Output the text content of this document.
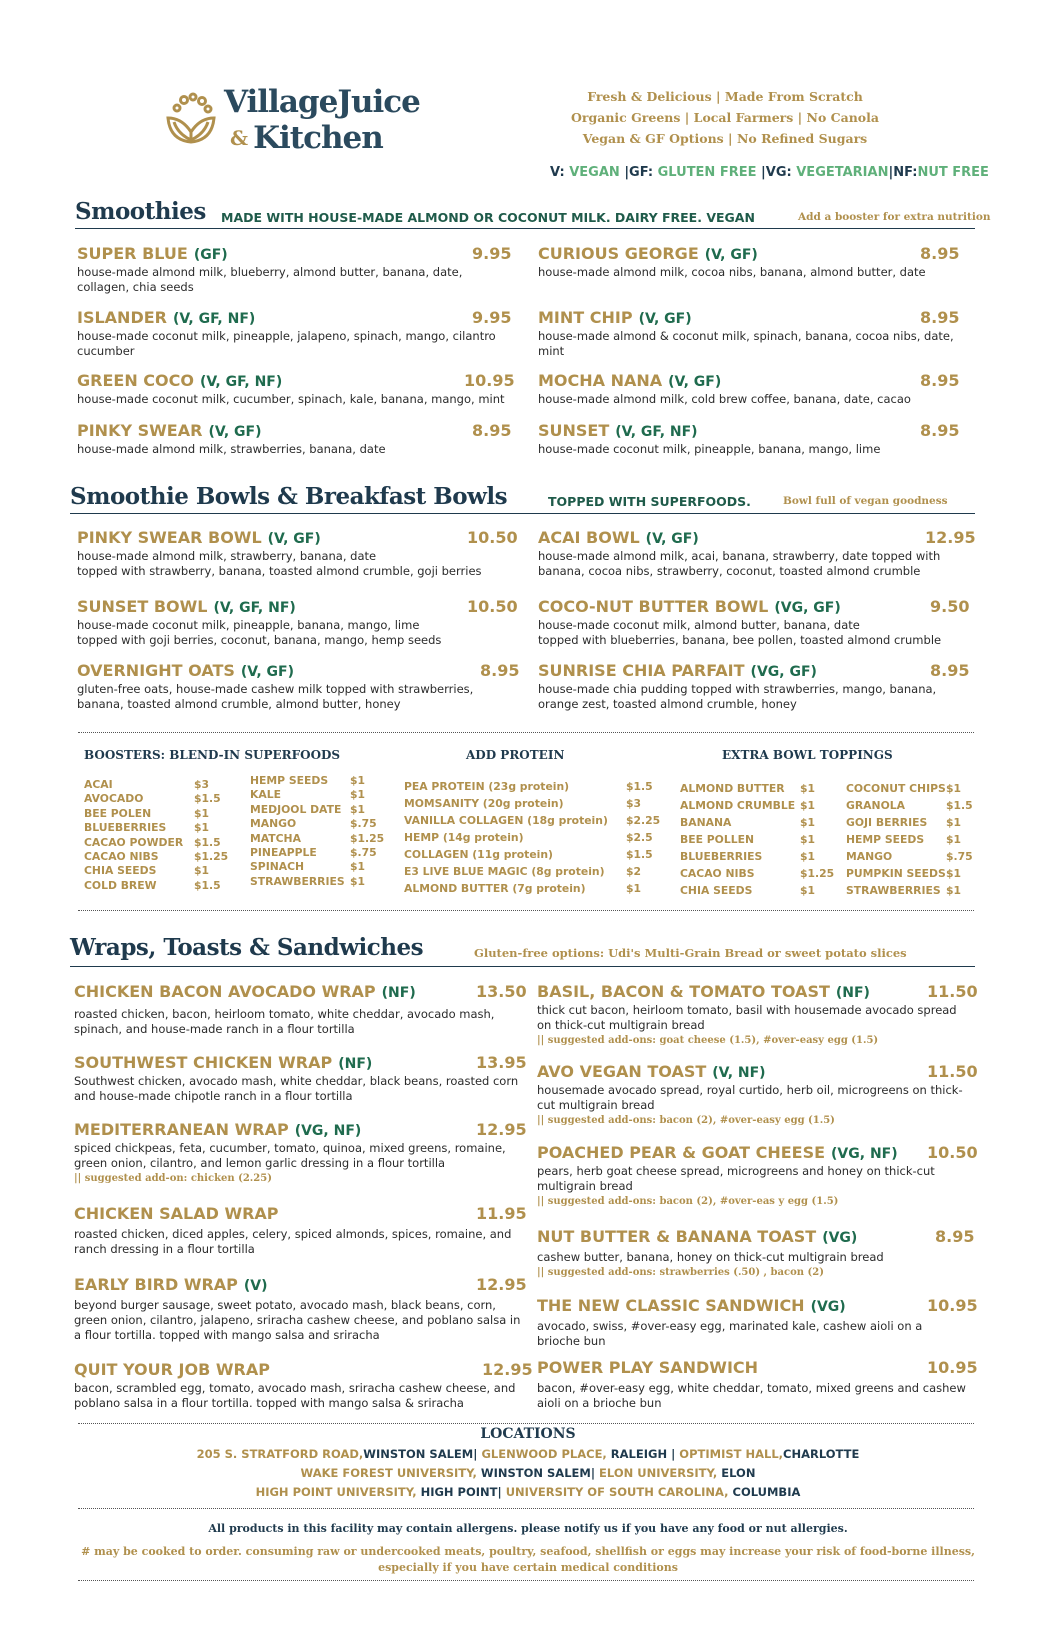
VillageJuice
& Kitchen
Fresh & Delicious | Made From Scratch
Organic Greens | Local Farmers | No Canola
Vegan & GF Options | No Refined Sugars
V: VEGAN |GF: GLUTEN FREE |VG: VEGETARIAN|NF:NUT FREE
Smoothies MADE WITH HOUSE-MADE ALMOND OR COCONUT MILK. DAIRY FREE. VEGAN	Add a booster for extra nutrition
SUPER BLUE (GF)	9.95
house-made almond milk, blueberry, almond butter, banana, date, collagen, chia seeds
ISLANDER (V, GF, NF)	9.95
house-made coconut milk, pineapple, jalapeno, spinach, mango, cilantro cucumber
GREEN COCO (V, GF, NF)	10.95
house-made coconut milk, cucumber, spinach, kale, banana, mango, mint
PINKY SWEAR (V, GF)	8.95
house-made almond milk, strawberries, banana, date
CURIOUS GEORGE (V, GF)	8.95
house-made almond milk, cocoa nibs, banana, almond butter, date
MINT CHIP (V, GF)	8.95
house-made almond & coconut milk, spinach, banana, cocoa nibs, date, mint
MOCHA NANA (V, GF)	8.95
house-made almond milk, cold brew coffee, banana, date, cacao
SUNSET (V, GF, NF)	8.95
house-made coconut milk, pineapple, banana, mango, lime
Smoothie Bowls & Breakfast Bowls	TOPPED WITH SUPERFOODS.	Bowl full of vegan goodness
PINKY SWEAR BOWL (V, GF)	10.50
house-made almond milk, strawberry, banana, date
topped with strawberry, banana, toasted almond crumble, goji berries
SUNSET BOWL (V, GF, NF)	10.50
house-made coconut milk, pineapple, banana, mango, lime
topped with goji berries, coconut, banana, mango, hemp seeds
OVERNIGHT OATS (V, GF)	8.95
gluten-free oats, house-made cashew milk topped with strawberries,
banana, toasted almond crumble, almond butter, honey
ACAI BOWL (V, GF)	12.95
house-made almond milk, acai, banana, strawberry, date topped with
banana, cocoa nibs, strawberry, coconut, toasted almond crumble
COCO-NUT BUTTER BOWL (VG, GF)	9.50
house-made coconut milk, almond butter, banana, date
topped with blueberries, banana, bee pollen, toasted almond crumble
SUNRISE CHIA PARFAIT (VG, GF)	8.95
house-made chia pudding topped with strawberries, mango, banana,
orange zest, toasted almond crumble, honey
BOOSTERS: BLEND-IN SUPERFOODS	ADD PROTEIN	EXTRA BOWL TOPPINGS
ACAI	$3
AVOCADO	$1.5
BEE POLEN	$1
BLUEBERRIES	$1
CACAO POWDER $1.5
CACAO NIBS	$1.25
CHIA SEEDS	$1
COLD BREW	$1.5
HEMP SEEDS $1
KALE	$1
MEDJOOL DATE $1
MANGO	$.75
MATCHA	$1.25
PINEAPPLE	$.75
SPINACH	$1
STRAWBERRIES $1
PEA PROTEIN (23g protein)	$1.5
MOMSANITY (20g protein)	$3
VANILLA COLLAGEN (18g protein) $2.25
HEMP (14g protein)	$2.5
COLLAGEN (11g protein)	$1.5
E3 LIVE BLUE MAGIC (8g protein) $2
ALMOND BUTTER (7g protein)	$1
ALMOND BUTTER $1
ALMOND CRUMBLE $1
BANANA	$1
BEE POLLEN	$1
BLUEBERRIES	$1
CACAO NIBS	$1.25
CHIA SEEDS	$1
COCONUT CHIPS $1
GRANOLA	$1.5
GOJI BERRIES $1
HEMP SEEDS $1
MANGO	$.75
PUMPKIN SEEDS $1
STRAWBERRIES $1
Wraps, Toasts & Sandwiches	Gluten-free options: Udi's Multi-Grain Bread or sweet potato slices
CHICKEN BACON AVOCADO WRAP (NF)	13.50
roasted chicken, bacon, heirloom tomato, white cheddar, avocado mash, spinach, and house-made ranch in a flour tortilla
SOUTHWEST CHICKEN WRAP (NF)	13.95
Southwest chicken, avocado mash, white cheddar, black beans, roasted corn and house-made chipotle ranch in a flour tortilla
MEDITERRANEAN WRAP (VG, NF)	12.95
spiced chickpeas, feta, cucumber, tomato, quinoa, mixed greens, romaine, green onion, cilantro, and lemon garlic dressing in a flour tortilla
|| suggested add-on: chicken (2.25)
CHICKEN SALAD WRAP	11.95
roasted chicken, diced apples, celery, spiced almonds, spices, romaine, and ranch dressing in a flour tortilla
EARLY BIRD WRAP (V)	12.95
beyond burger sausage, sweet potato, avocado mash, black beans, corn, green onion, cilantro, jalapeno, sriracha cashew cheese, and poblano salsa in a flour tortilla. topped with mango salsa and sriracha
QUIT YOUR JOB WRAP	12.95
bacon, scrambled egg, tomato, avocado mash, sriracha cashew cheese, and poblano salsa in a flour tortilla. topped with mango salsa & sriracha
BASIL, BACON & TOMATO TOAST (NF)	11.50
thick cut bacon, heirloom tomato, basil with housemade avocado spread on thick-cut multigrain bread
|| suggested add-ons: goat cheese (1.5), #over-easy egg (1.5)
AVO VEGAN TOAST (V, NF)	11.50
housemade avocado spread, royal curtido, herb oil, microgreens on thick-cut multigrain bread
|| suggested add-ons: bacon (2), #over-easy egg (1.5)
POACHED PEAR & GOAT CHEESE (VG, NF)	10.50
pears, herb goat cheese spread, microgreens and honey on thick-cut multigrain bread
|| suggested add-ons: bacon (2), #over-eas y egg (1.5)
NUT BUTTER & BANANA TOAST (VG)	8.95
cashew butter, banana, honey on thick-cut multigrain bread
|| suggested add-ons: strawberries (.50) , bacon (2)
THE NEW CLASSIC SANDWICH (VG)	10.95
avocado, swiss, #over-easy egg, marinated kale, cashew aioli on a brioche bun
POWER PLAY SANDWICH	10.95
bacon, #over-easy egg, white cheddar, tomato, mixed greens and cashew aioli on a brioche bun
LOCATIONS
205 S. STRATFORD ROAD,WINSTON SALEM| GLENWOOD PLACE, RALEIGH | OPTIMIST HALL,CHARLOTTE
WAKE FOREST UNIVERSITY, WINSTON SALEM| ELON UNIVERSITY, ELON
HIGH POINT UNIVERSITY, HIGH POINT| UNIVERSITY OF SOUTH CAROLINA, COLUMBIA
All products in this facility may contain allergens. please notify us if you have any food or nut allergies.
# may be cooked to order. consuming raw or undercooked meats, poultry, seafood, shellfish or eggs may increase your risk of food-borne illness,
especially if you have certain medical conditions
